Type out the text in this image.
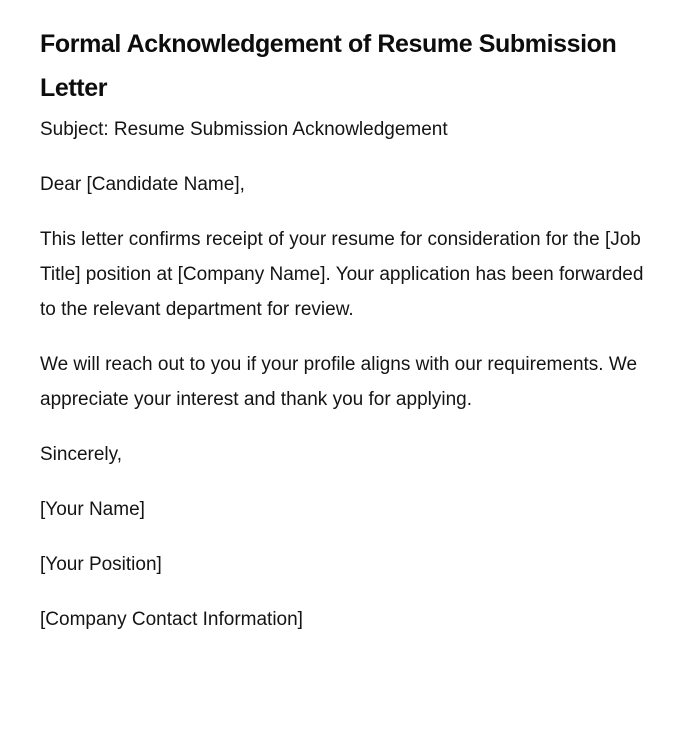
Formal Acknowledgement of Resume Submission Letter

Subject: Resume Submission Acknowledgement

Dear [Candidate Name],

This letter confirms receipt of your resume for consideration for the [Job Title] position at [Company Name]. Your application has been forwarded to the relevant department for review.

We will reach out to you if your profile aligns with our requirements. We appreciate your interest and thank you for applying.

Sincerely,

[Your Name]

[Your Position]

[Company Contact Information]
